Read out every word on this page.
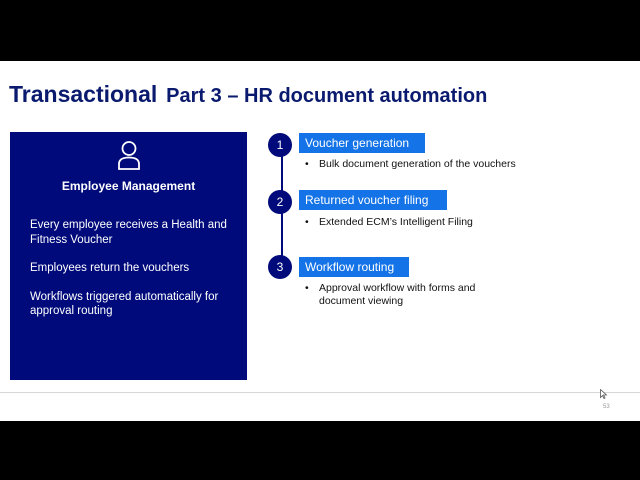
Transactional Part 3 – HR document automation
Employee Management
Every employee receives a Health and Fitness Voucher
Employees return the vouchers
Workflows triggered automatically for approval routing
1	Voucher generation
• Bulk document generation of the vouchers
2	Returned voucher filing
• Extended ECM’s Intelligent Filing
3	Workflow routing
• Approval workflow with forms and document viewing
53
